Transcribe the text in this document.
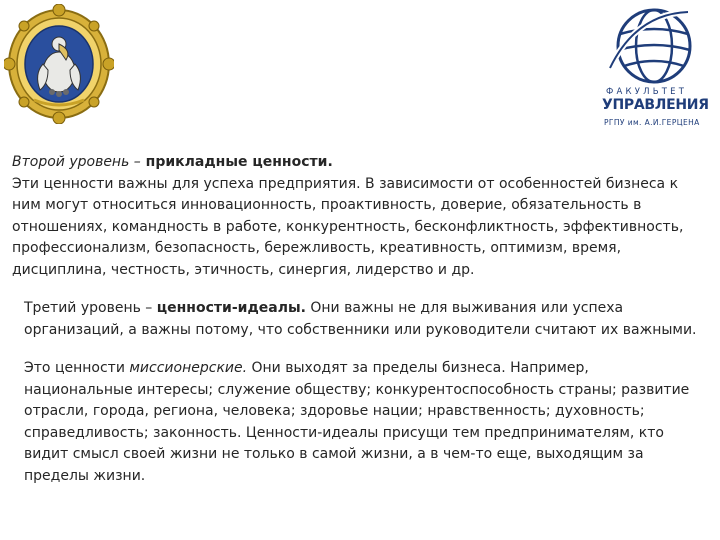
ФАКУЛЬТЕТ
УПРАВЛЕНИЯ
РГПУ им. А.И.ГЕРЦЕНА

Второй уровень – прикладные ценности.

Эти ценности важны для успеха предприятия. В зависимости от особенностей бизнеса к

ним могут относиться инновационность, проактивность, доверие, обязательность в

отношениях, командность в работе, конкурентность, бесконфликтность, эффективность,

профессионализм, безопасность, бережливость, креативность, оптимизм, время,

дисциплина, честность, этичность, синергия, лидерство и др.

Третий уровень – ценности-идеалы. Они важны не для выживания или успеха

организаций, а важны потому, что собственники или руководители считают их важными.

Это ценности миссионерские. Они выходят за пределы бизнеса. Например,

национальные интересы; служение обществу; конкурентоспособность страны; развитие

отрасли, города, региона, человека; здоровье нации; нравственность; духовность;

справедливость; законность. Ценности-идеалы присущи тем предпринимателям, кто

видит смысл своей жизни не только в самой жизни, а в чем-то еще, выходящим за

пределы жизни.
